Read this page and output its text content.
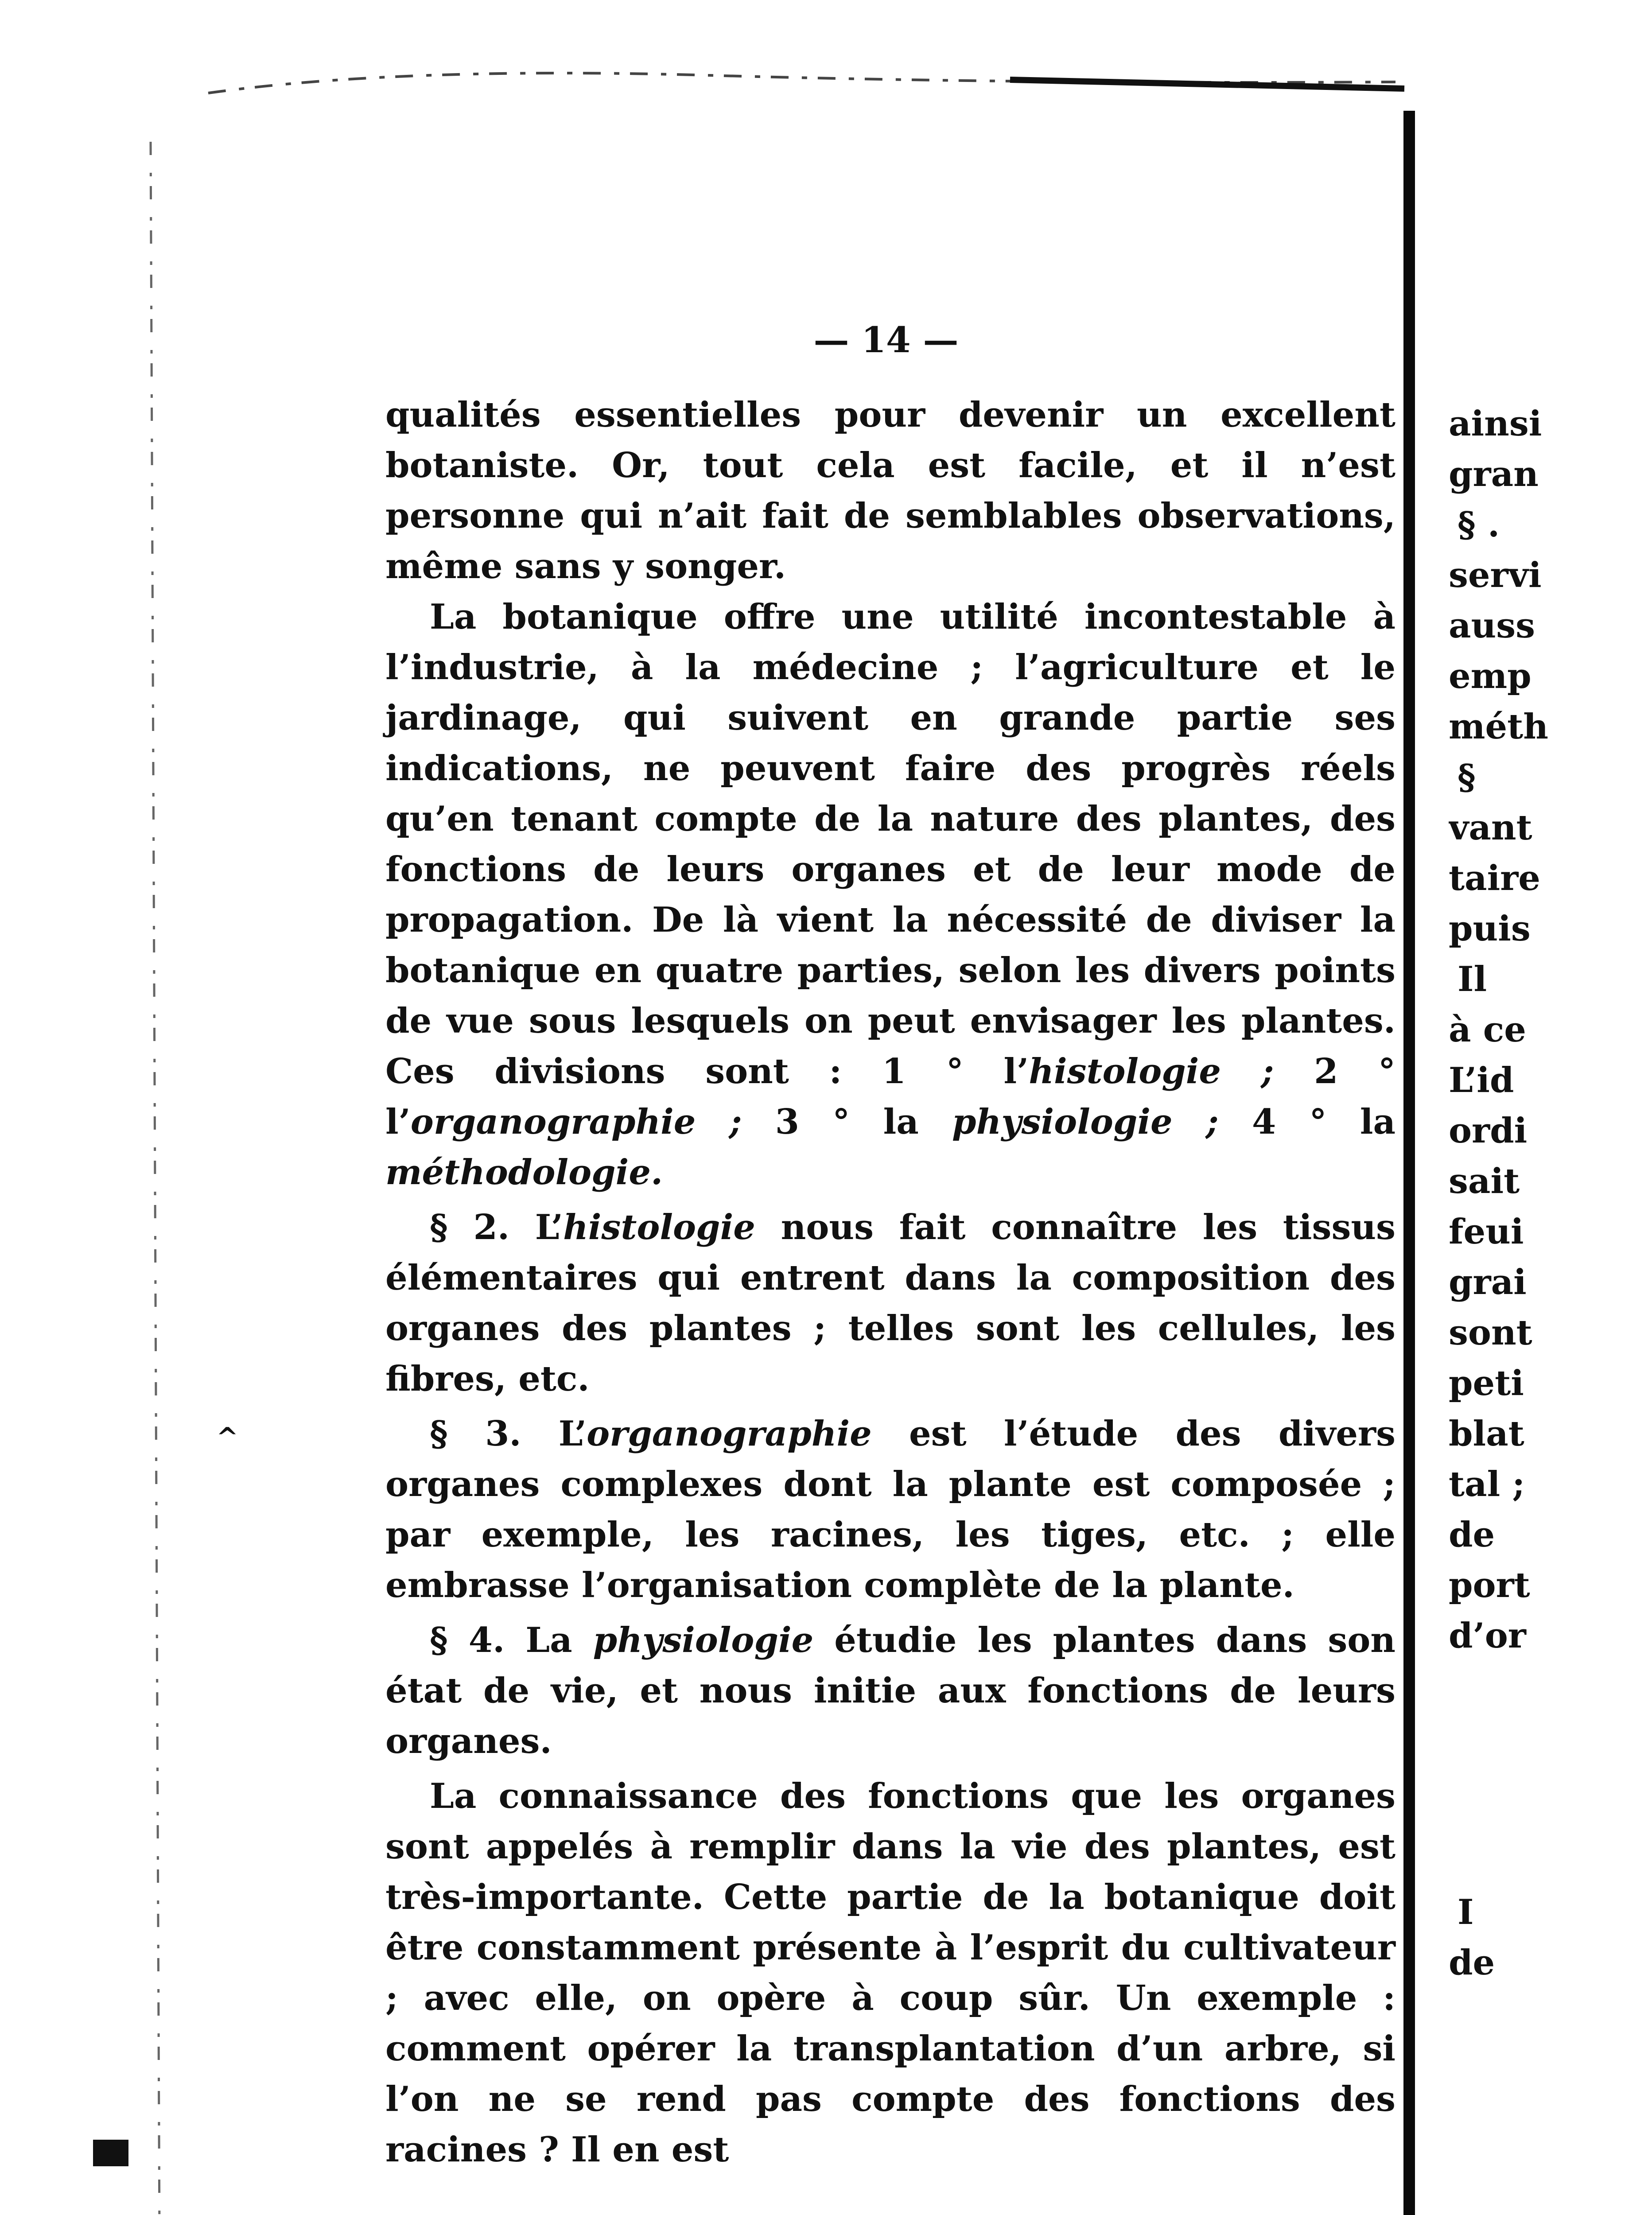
— 14 —

qualités essentielles pour devenir un excellent botaniste. Or, tout cela est facile, et il n’est personne qui n’ait fait de semblables observations, même sans y songer.

La botanique offre une utilité incontestable à l’industrie, à la médecine ; l’agriculture et le jardinage, qui suivent en grande partie ses indications, ne peuvent faire des progrès réels qu’en tenant compte de la nature des plantes, des fonctions de leurs organes et de leur mode de propagation. De là vient la nécessité de diviser la botanique en quatre parties, selon les divers points de vue sous lesquels on peut envisager les plantes. Ces divisions sont : 1 ° l’histologie ; 2 ° l’organographie ; 3 ° la physiologie ; 4 ° la méthodologie.

§ 2. L’histologie nous fait connaître les tissus élémentaires qui entrent dans la composition des organes des plantes ; telles sont les cellules, les fibres, etc.

§ 3. L’organographie est l’étude des divers organes complexes dont la plante est composée ; par exemple, les racines, les tiges, etc. ; elle embrasse l’organisation complète de la plante.

§ 4. La physiologie étudie les plantes dans son état de vie, et nous initie aux fonctions de leurs organes.

La connaissance des fonctions que les organes sont appelés à remplir dans la vie des plantes, est très-importante. Cette partie de la botanique doit être constamment présente à l’esprit du cultivateur ; avec elle, on opère à coup sûr. Un exemple : comment opérer la transplantation d’un arbre, si l’on ne se rend pas compte des fonctions des racines ? Il en est

ainsi
gran
§ .
servi
auss
emp
méth
§
vant
taire
puis
Il
à ce
L’id
ordi
sait
feui
grai
sont
peti
blat
tal ;
de
port
d’or
I
de
^
